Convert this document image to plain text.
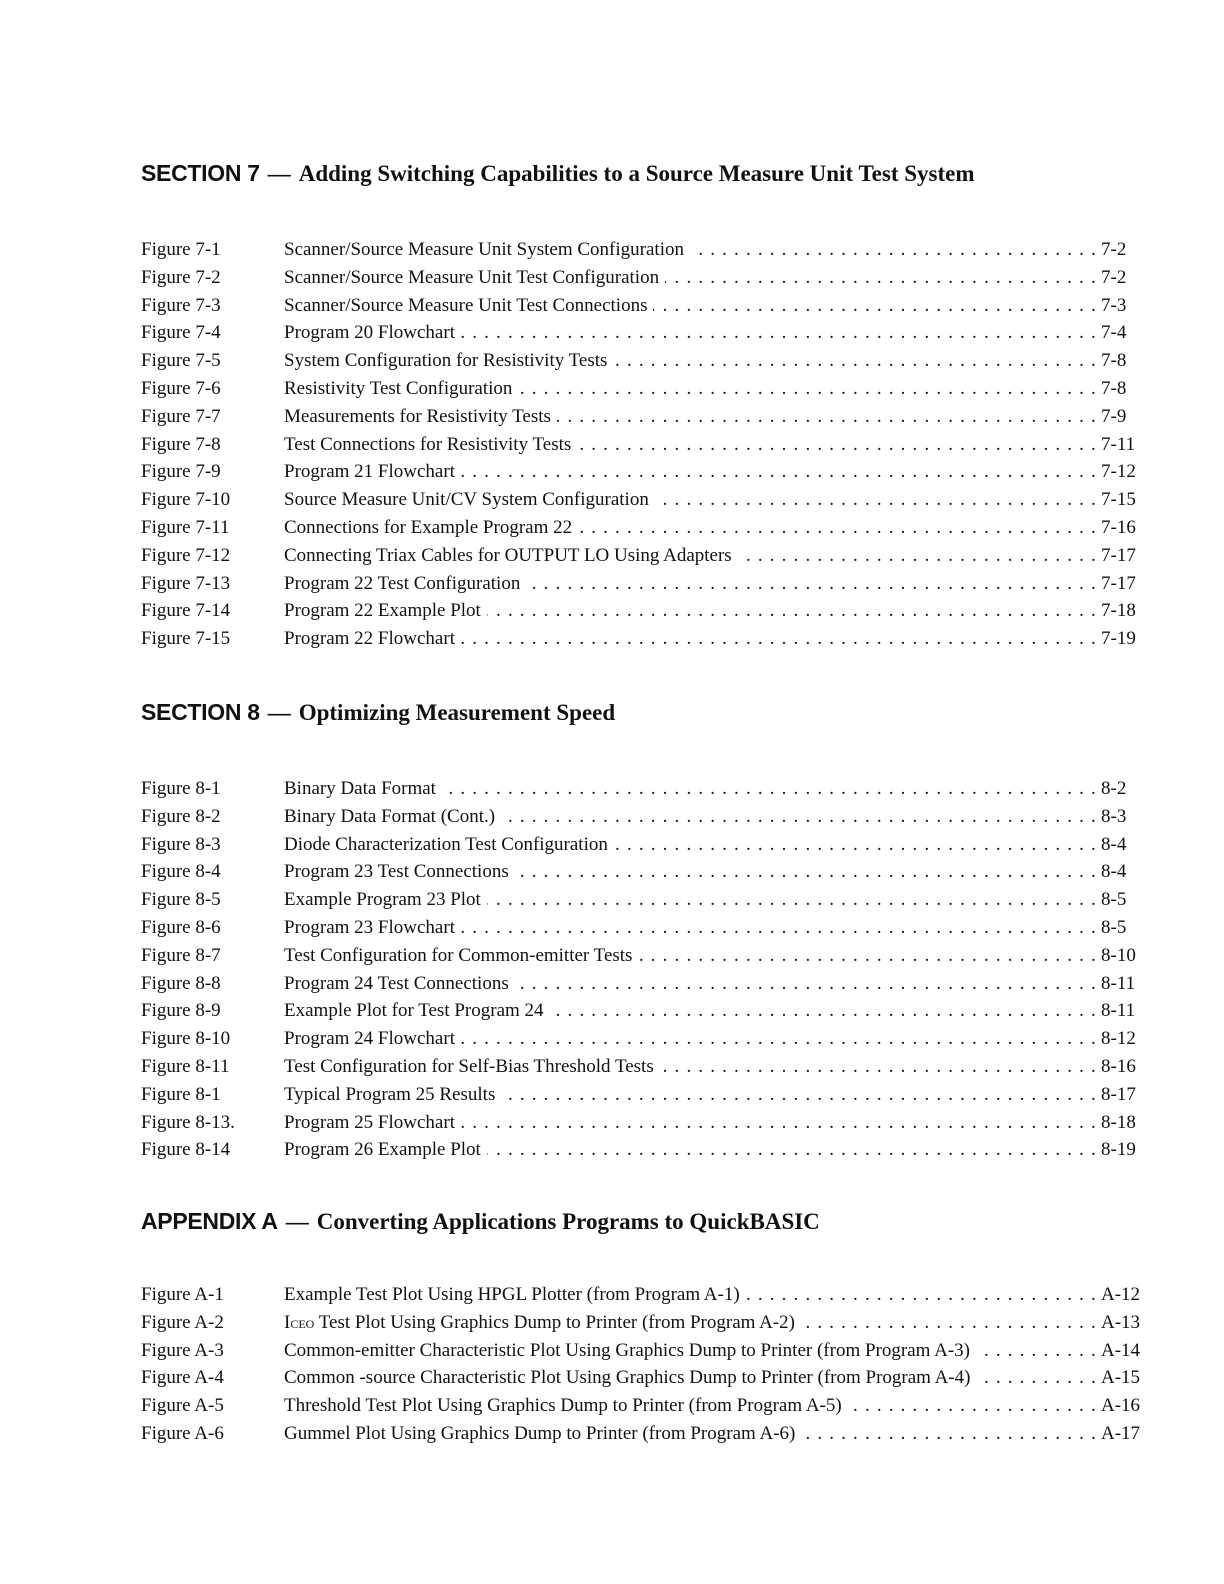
SECTION 7 — Adding Switching Capabilities to a Source Measure Unit Test System
Figure 7-1	Scanner/Source Measure Unit System Configuration . . .	7-2
Figure 7-2	Scanner/Source Measure Unit Test Configuration . . .	7-2
Figure 7-3	Scanner/Source Measure Unit Test Connections . . .	7-3
Figure 7-4	Program 20 Flowchart . . .	7-4
Figure 7-5	System Configuration for Resistivity Tests . . .	7-8
Figure 7-6	Resistivity Test Configuration . . .	7-8
Figure 7-7	Measurements for Resistivity Tests . . .	7-9
Figure 7-8	Test Connections for Resistivity Tests . . .	7-11
Figure 7-9	Program 21 Flowchart . . .	7-12
Figure 7-10	Source Measure Unit/CV System Configuration . . .	7-15
Figure 7-11	Connections for Example Program 22 . . .	7-16
Figure 7-12	Connecting Triax Cables for OUTPUT LO Using Adapters . . .	7-17
Figure 7-13	Program 22 Test Configuration . . .	7-17
Figure 7-14	Program 22 Example Plot . . .	7-18
Figure 7-15	Program 22 Flowchart . . .	7-19
SECTION 8 — Optimizing Measurement Speed
Figure 8-1	Binary Data Format . . .	8-2
Figure 8-2	Binary Data Format (Cont.) . . .	8-3
Figure 8-3	Diode Characterization Test Configuration . . .	8-4
Figure 8-4	Program 23 Test Connections . . .	8-4
Figure 8-5	Example Program 23 Plot . . .	8-5
Figure 8-6	Program 23 Flowchart . . .	8-5
Figure 8-7	Test Configuration for Common-emitter Tests . . .	8-10
Figure 8-8	Program 24 Test Connections . . .	8-11
Figure 8-9	Example Plot for Test Program 24 . . .	8-11
Figure 8-10	Program 24 Flowchart . . .	8-12
Figure 8-11	Test Configuration for Self-Bias Threshold Tests . . .	8-16
Figure 8-1	Typical Program 25 Results . . .	8-17
Figure 8-13.	Program 25 Flowchart . . .	8-18
Figure 8-14	Program 26 Example Plot . . .	8-19
APPENDIX A — Converting Applications Programs to QuickBASIC
Figure A-1	Example Test Plot Using HPGL Plotter (from Program A-1) . . .	A-12
Figure A-2	ICEO Test Plot Using Graphics Dump to Printer (from Program A-2) . . .	A-13
Figure A-3	Common-emitter Characteristic Plot Using Graphics Dump to Printer (from Program A-3) . . .	A-14
Figure A-4	Common -source Characteristic Plot Using Graphics Dump to Printer (from Program A-4) . . .	A-15
Figure A-5	Threshold Test Plot Using Graphics Dump to Printer (from Program A-5) . . .	A-16
Figure A-6	Gummel Plot Using Graphics Dump to Printer (from Program A-6) . . .	A-17
